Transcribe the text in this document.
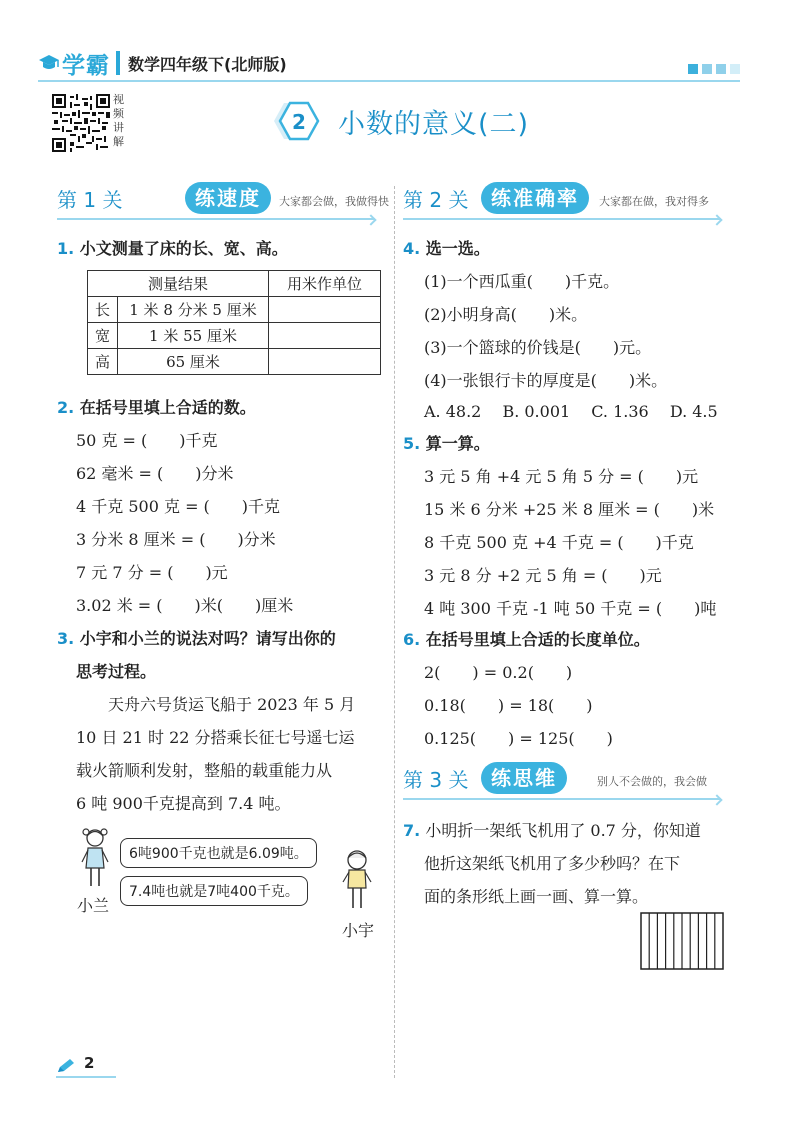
学霸 数学四年级下(北师版)
视频讲解
2 小数的意义(二)
第 1 关	练速度	大家都会做，我做得快 第 2 关	练准确率	大家都在做，我对得多
第 3 关	练思维	别人不会做的，我会做
1. 小文测量了床的长、宽、高。
测量结果		用米作单位
长	1 米 8 分米 5 厘米	
宽	1 米 55 厘米	
高	65 厘米	
2. 在括号里填上合适的数。
50 克 = (　　)千克
62 毫米 = (　　)分米
4 千克 500 克 = (　　)千克
3 分米 8 厘米 = (　　)分米
7 元 7 分 = (　　)元
3.02 米 = (　　)米(　　)厘米
3. 小宇和小兰的说法对吗？请写出你的
思考过程。
天舟六号货运飞船于 2023 年 5 月
10 日 21 时 22 分搭乘长征七号遥七运
载火箭顺利发射，整船的载重能力从
6 吨 900千克提高到 7.4 吨。
小兰
6吨900千克也就是6.09吨。
7.4吨也就是7吨400千克。
小宇
4. 选一选。
(1)一个西瓜重(　　)千克。
(2)小明身高(　　)米。
(3)一个篮球的价钱是(　　)元。
(4)一张银行卡的厚度是(　　)米。
A. 48.2　 B. 0.001　 C. 1.36　 D. 4.5
5. 算一算。
3 元 5 角 +4 元 5 角 5 分 = (　　)元
15 米 6 分米 +25 米 8 厘米 = (　　)米
8 千克 500 克 +4 千克 = (　　)千克
3 元 8 分 +2 元 5 角 = (　　)元
4 吨 300 千克 -1 吨 50 千克 = (　　)吨
6. 在括号里填上合适的长度单位。
2(　　) = 0.2(　　)
0.18(　　) = 18(　　)
0.125(　　) = 125(　　)
7. 小明折一架纸飞机用了 0.7 分，你知道
他折这架纸飞机用了多少秒吗？在下
面的条形纸上画一画、算一算。
2
